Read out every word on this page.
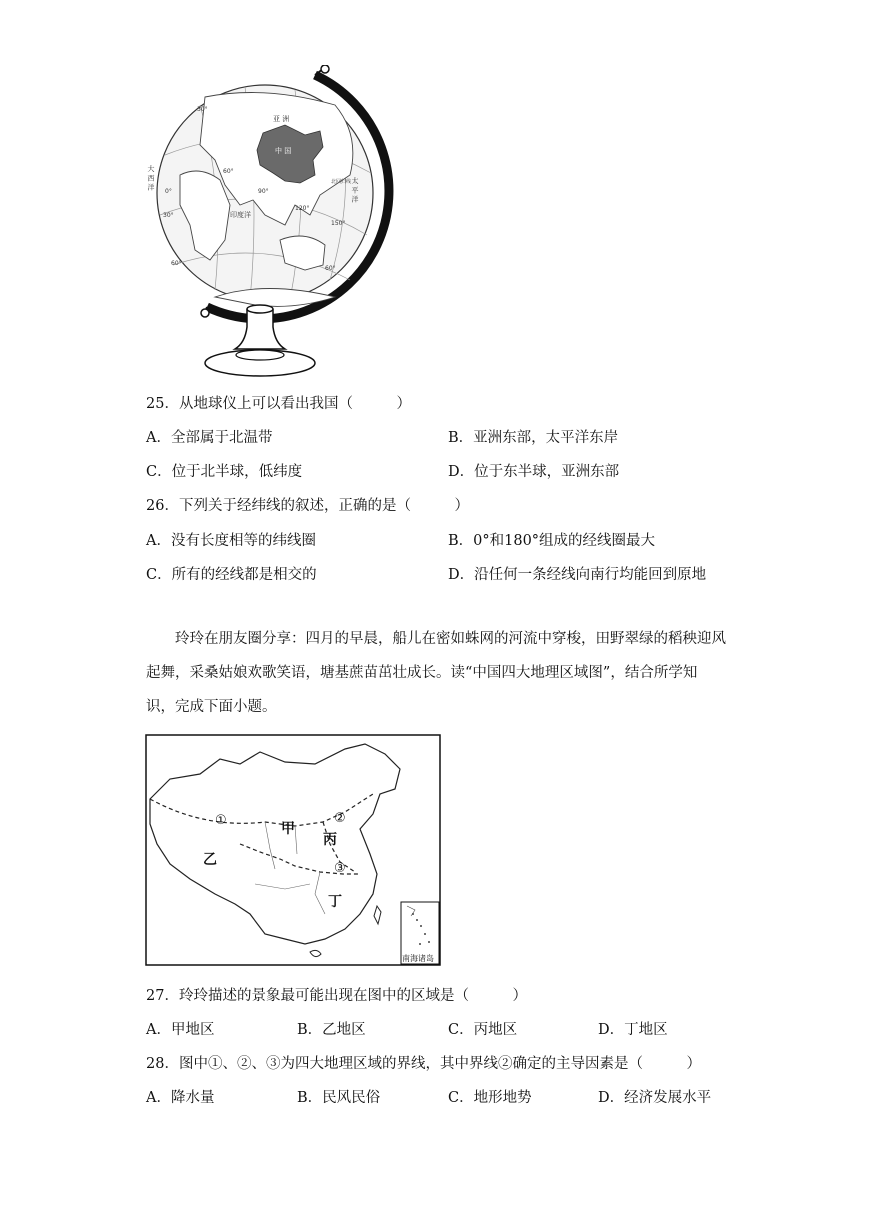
亚 洲
中 国
印度洋
北回归线
30°
0°
30°
60°
90°
120°
150°
60°
60°
大 西 洋	太 平 洋
25．从地球仪上可以看出我国（　　　）
A．全部属于北温带	B．亚洲东部，太平洋东岸
C．位于北半球，低纬度	D．位于东半球，亚洲东部
26．下列关于经纬线的叙述，正确的是（　　　）
A．没有长度相等的纬线圈	B．0°和180°组成的经线圈最大
C．所有的经线都是相交的	D．沿任何一条经线向南行均能回到原地
玲玲在朋友圈分享：四月的早晨，船儿在密如蛛网的河流中穿梭，田野翠绿的稻秧迎风起舞，采桑姑娘欢歌笑语，塘基蔗苗茁壮成长。读“中国四大地理区域图”，结合所学知识，完成下面小题。
①	②
③
甲
乙
丙
丁
南海诸岛
27．玲玲描述的景象最可能出现在图中的区域是（　　　）
A．甲地区	B．乙地区	C．丙地区	D．丁地区
28．图中①、②、③为四大地理区域的界线，其中界线②确定的主导因素是（　　　）
A．降水量	B．民风民俗	C．地形地势	D．经济发展水平
